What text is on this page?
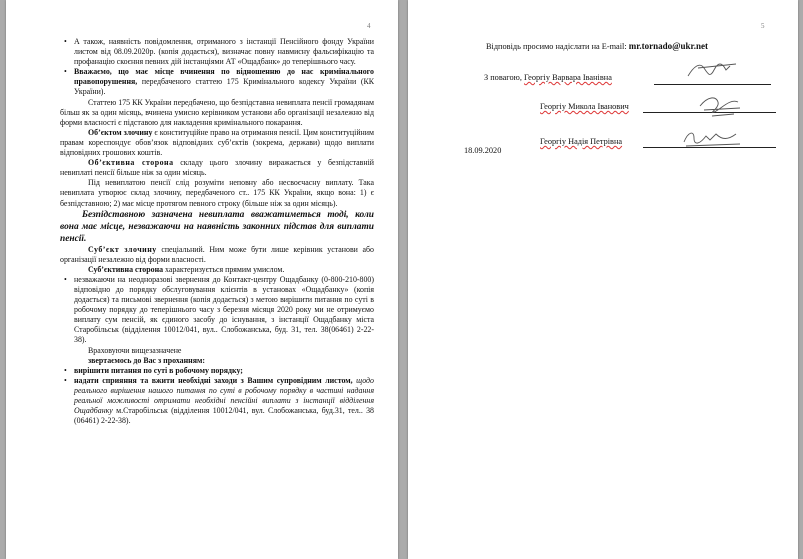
4

• А також, наявність повідомлення, отриманого з інстанції Пенсійного фонду України листом від 08.09.2020р. (копія додається), визначає повну навмисну фальсифікацію та профанацію скоєння певних дій інстанціями АТ «Ощадбанк» до теперішнього часу.

• Вважаємо, що має місце вчинення по відношенню до нас кримінального правопорушення, передбаченого статтею 175 Кримінального кодексу України (КК України).

Статтею 175 КК України передбачено, що безпідставна невиплата пенсії громадянам більш як за один місяць, вчинена умисно керівником установи або організації незалежно від форми власності є підставою для накладення кримінального покарання.

Об’єктом злочину є конституційне право на отримання пенсії. Цим конституційним правам кореспондує обов’язок відповідних суб’єктів (зокрема, держави) щодо виплати відповідних грошових коштів.

Об’єктивна сторона складу цього злочину виражається у безпідставній невиплаті пенсії більше ніж за один місяць.

Під невиплатою пенсії слід розуміти неповну або несвоєчасну виплату. Така невиплата утворює склад злочину, передбаченого ст.. 175 КК України, якщо вона: 1) є безпідставною; 2) має місце протягом певного строку (більше ніж за один місяць).

Безпідставною зазначена невиплата вважатиметься тоді, коли вона має місце, незважаючи на наявність законних підстав для виплати пенсії.

Суб’єкт злочину спеціальний. Ним може бути лише керівник установи або організації незалежно від форми власності.

Суб’єктивна сторона характеризується прямим умислом.

• незважаючи на неодноразові звернення до Контакт-центру Ощадбанку (0-800-210-800) відповідно до порядку обслуговування клієнтів в установах «Ощадбанку» (копія додається) та письмові звернення (копія додається) з метою вирішити питання по суті в робочому порядку до теперішнього часу з березня місяця 2020 року ми не отримуємо виплату сум пенсій, як єдиного засобу до існування, з інстанції Ощадбанку міста Старобільськ (відділення 10012/041, вул.. Слобожанська, буд. 31, тел. 38(06461) 2-22-38).

Враховуючи вищезазначене

звертаємось до Вас з проханням:

• вирішити питання по суті в робочому порядку;

• надати сприяння та вжити необхідні заходи з Вашим супровідним листом, щодо реального вирішення нашого питання по суті в робочому порядку в частині надання реальної можливості отримати необхідні пенсійні виплати з інстанції відділення Ощадбанку м.Старобільськ (відділення 10012/041, вул. Слобожанська, буд.31, тел.. 38 (06461) 2-22-38).

5
Відповідь просимо надіслати на E-mail: mr.tornado@ukr.net
З повагою, Георгіу Варвара Іванівна
Георгіу Микола Іванович
Георгіу Надія Петрівна
18.09.2020
